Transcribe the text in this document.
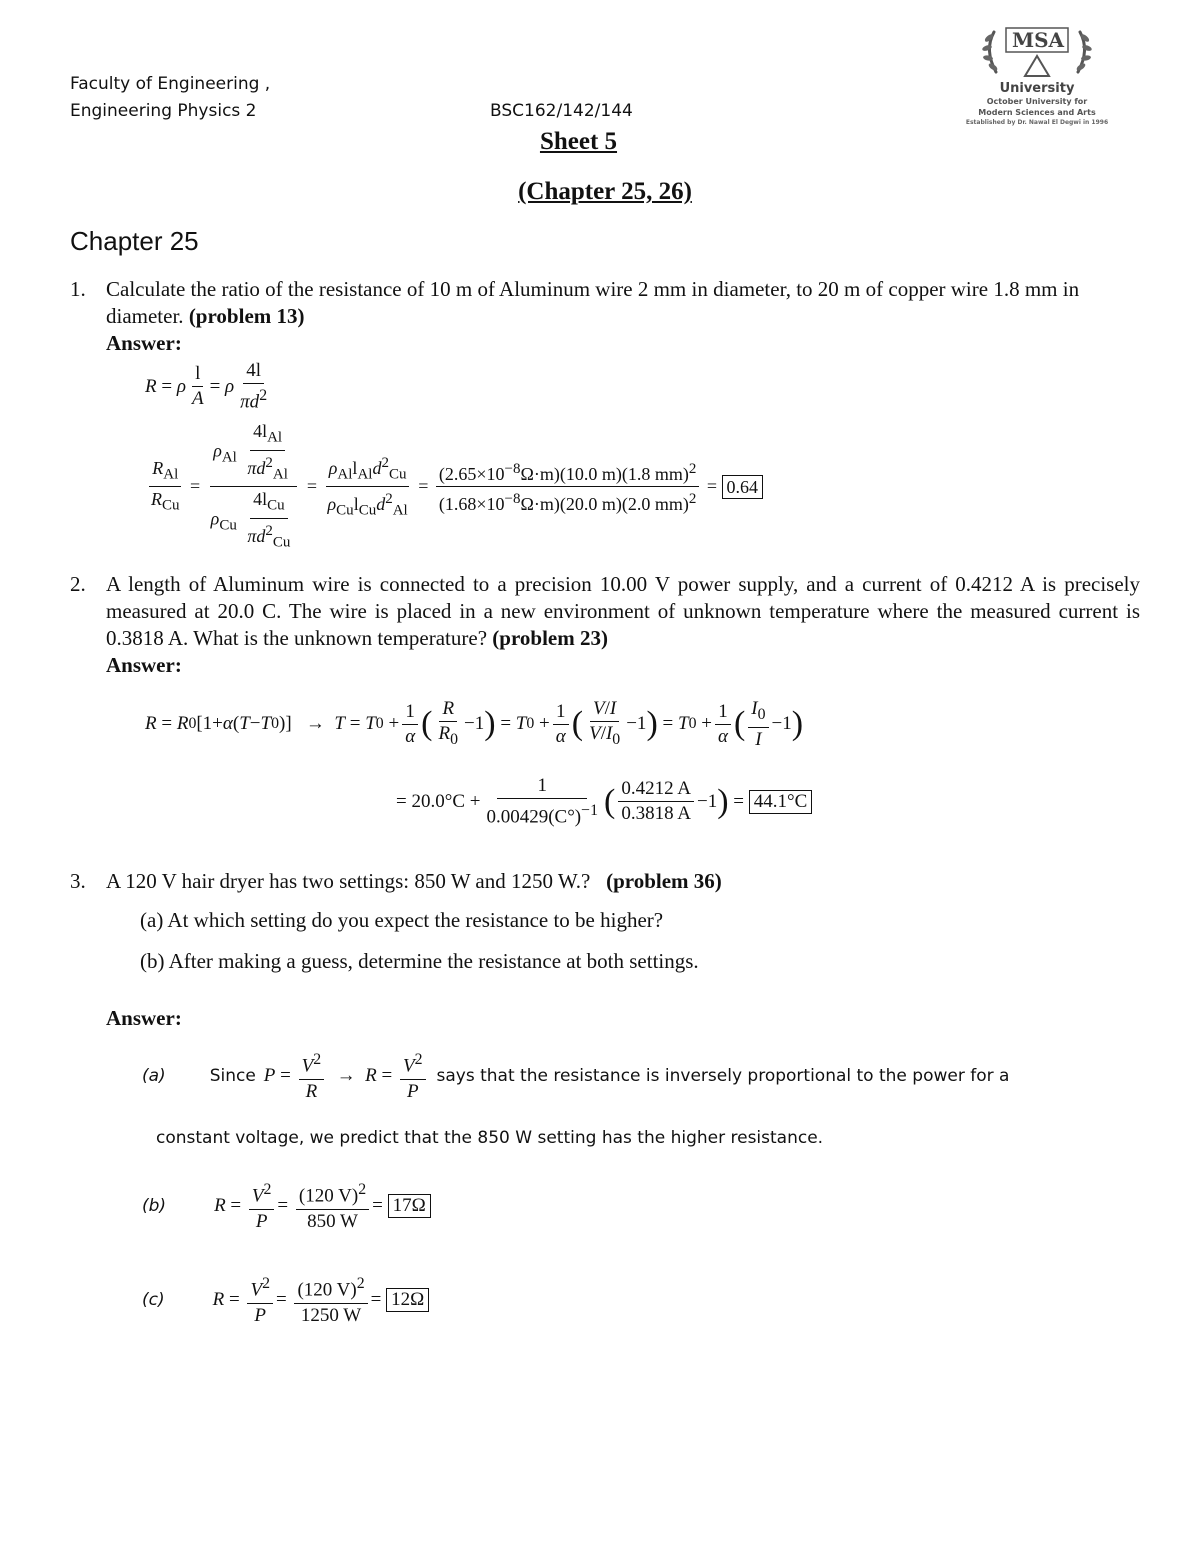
Faculty of Engineering ,
Engineering Physics 2	BSC162/142/144
MSA
University
October University for
Modern Sciences and Arts
Established by Dr. Nawal El Degwi in 1996
Sheet 5
(Chapter 25, 26)
Chapter 25
1. Calculate the ratio of the resistance of 10 m of Aluminum wire 2 mm in diameter, to 20 m of copper wire 1.8 mm in diameter. (problem 13)
Answer:
R = ρ $\frac{l}{A} = \rho \frac{4l}{\pi d^2}$
$\frac{R_{Al}}{R_{Cu}} = \frac{\rho_{Al} \frac{4l_{Al}}{\pi d^2_{Al}}}{\rho_{Cu} \frac{4l_{Cu}}{\pi d^2_{Cu}}} = \frac{\rho_{Al}l_{Al}d^2_{Cu}}{\rho_{Cu}l_{Cu}d^2_{Al}} = \frac{(2.65\times 10^{-8}\Omega\cdot m)(10.0 m)(1.8 mm)^2}{(1.68\times 10^{-8}\Omega\cdot m)(20.0 m)(2.0 mm)^2} = 0.64$
2. A length of Aluminum wire is connected to a precision 10.00 V power supply, and a current of 0.4212 A is precisely measured at 20.0 C. The wire is placed in a new environment of unknown temperature where the measured current is 0.3818 A. What is the unknown temperature? (problem 23)
Answer:
R = R 0 [1+ α ( T − T 0 )]   → T = T $0 + \frac{1}{\alpha}$ ( $\frac{R}{R_0} -1$ ) = T $0 + \frac{1}{\alpha}$ ( $\frac{V/I}{V/I_0} -1$ ) = T $0 + \frac{1}{\alpha}$ ( $\frac{I_0}{I} -1$ )
= $20.0^\circ C + \frac{1}{0.00429(C^\circ)^{-1}}$ ( $\frac{0.4212 A}{0.3818 A} -1$ ) = 44.1°C
3. A 120 V hair dryer has two settings: 850 W and 1250 W.? (problem 36)
(a) At which setting do you expect the resistance to be higher?
(b) After making a guess, determine the resistance at both settings.
Answer:
(a)	Since $P = \frac{V^2}{R} \to R = \frac{V^2}{P}$ says that the resistance is inversely proportional to the power for a
constant voltage, we predict that the 850 W setting has the higher resistance.
(b)	$R = \frac{V^2}{P} = \frac{(120 V)^2}{850 W} = 17\Omega$
(c)	$R = \frac{V^2}{P} = \frac{(120 V)^2}{1250 W} = 12\Omega$
